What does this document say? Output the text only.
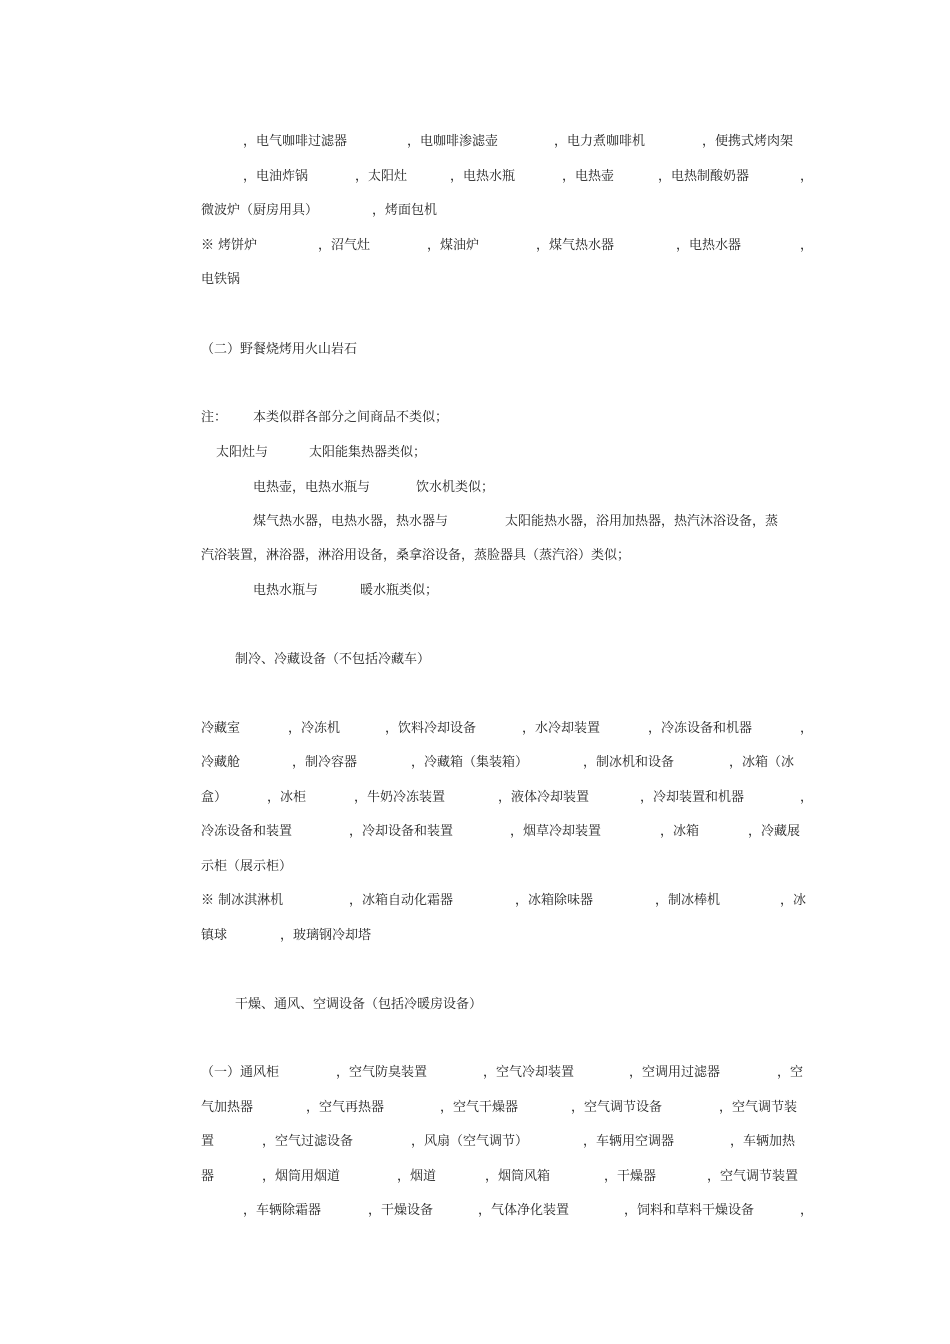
，电气咖啡过滤器	，电咖啡渗滤壶	，电力煮咖啡机	，便携式烤肉架
，电油炸锅	，太阳灶	，电热水瓶	，电热壶	，电热制酸奶器	，
微波炉（厨房用具）	，烤面包机
※ 烤饼炉	，沼气灶	，煤油炉	，煤气热水器	，电热水器	，
电铁锅
（二）野餐烧烤用火山岩石
注： 本类似群各部分之间商品不类似；
太阳灶与	太阳能集热器类似；
电热壶，电热水瓶与	饮水机类似；
煤气热水器，电热水器，热水器与	太阳能热水器，浴用加热器，热汽沐浴设备，蒸
汽浴装置，淋浴器，淋浴用设备，桑拿浴设备，蒸脸器具（蒸汽浴）类似；
电热水瓶与	暖水瓶类似；
制冷、冷藏设备（不包括冷藏车）
冷藏室	，冷冻机	，饮料冷却设备	，水冷却装置	，冷冻设备和机器	，
冷藏舱	，制冷容器	，冷藏箱（集装箱）	，制冰机和设备	，冰箱（冰
盒）	，冰柜	，牛奶冷冻装置	，液体冷却装置	，冷却装置和机器	，
冷冻设备和装置	，冷却设备和装置	，烟草冷却装置	，冰箱	，冷藏展
示柜（展示柜）
※ 制冰淇淋机	，冰箱自动化霜器	，冰箱除味器	，制冰棒机	，冰
镇球	，玻璃钢冷却塔
干燥、通风、空调设备（包括冷暖房设备）
（一）通风柜	，空气防臭装置	，空气冷却装置	，空调用过滤器	，空
气加热器	，空气再热器	，空气干燥器	，空气调节设备	，空气调节装
置	，空气过滤设备	，风扇（空气调节）	，车辆用空调器	，车辆加热
器	，烟筒用烟道	，烟道	，烟筒风箱	，干燥器	，空气调节装置
，车辆除霜器	，干燥设备	，气体净化装置	，饲料和草料干燥设备	，
